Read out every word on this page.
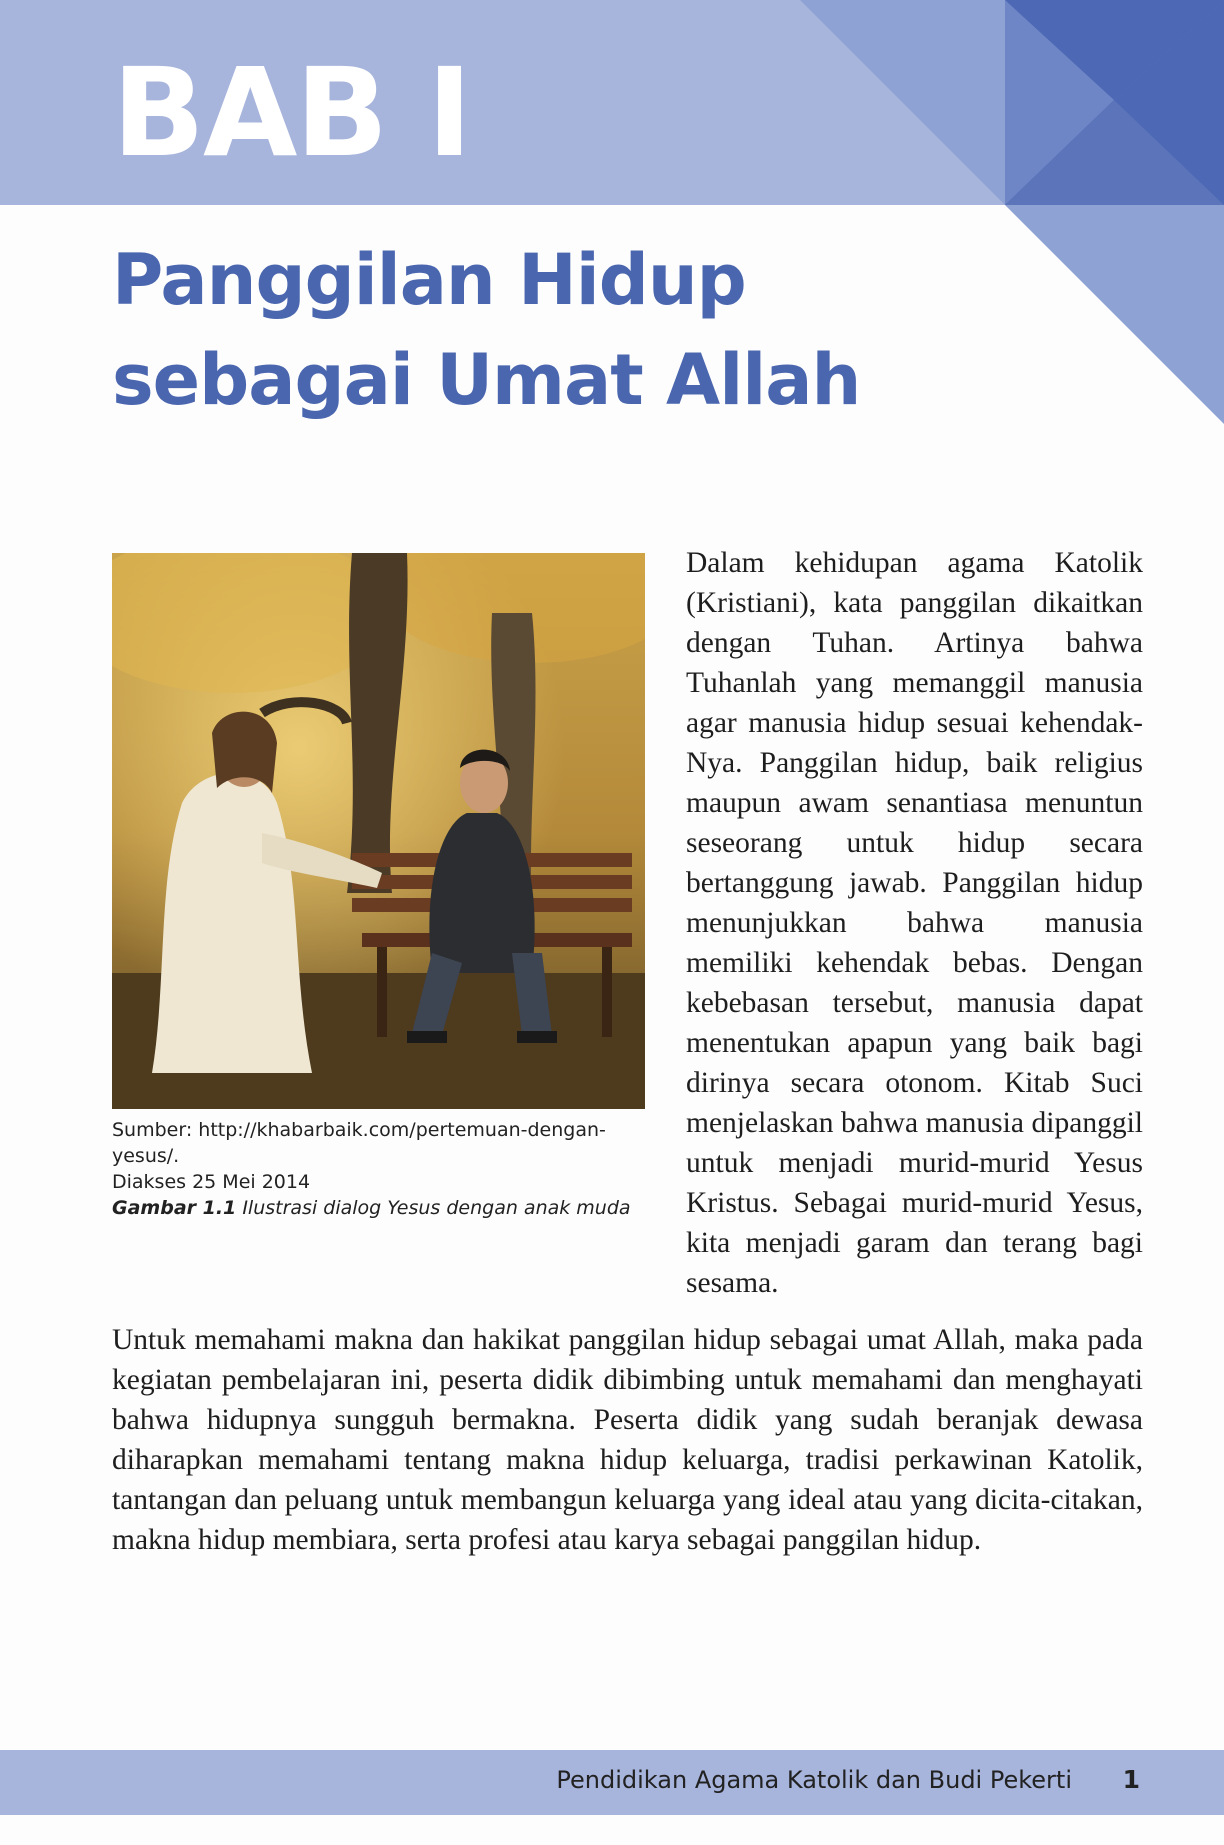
BAB I
Panggilan Hidup
sebagai Umat Allah
Sumber: http://khabarbaik.com/pertemuan-dengan-
yesus/.
Diakses 25 Mei 2014
Gambar 1.1 Ilustrasi dialog Yesus dengan anak muda

Dalam kehidupan agama Katolik (Kristiani), kata panggilan dikaitkan dengan Tuhan. Artinya bahwa Tuhanlah yang memanggil manusia agar manusia hidup sesuai kehendak-Nya. Panggilan hidup, baik religius maupun awam senantiasa menuntun seseorang untuk hidup secara bertanggung jawab. Panggilan hidup menunjukkan bahwa manusia memiliki kehendak bebas. Dengan kebebasan tersebut, manusia dapat menentukan apapun yang baik bagi dirinya secara otonom. Kitab Suci menjelaskan bahwa manusia dipanggil untuk menjadi murid-murid Yesus Kristus. Sebagai murid-murid Yesus, kita menjadi garam dan terang bagi sesama.

Untuk memahami makna dan hakikat panggilan hidup sebagai umat Allah, maka pada kegiatan pembelajaran ini, peserta didik dibimbing untuk memahami dan menghayati bahwa hidupnya sungguh bermakna. Peserta didik yang sudah beranjak dewasa diharapkan memahami tentang makna hidup keluarga, tradisi perkawinan Katolik, tantangan dan peluang untuk membangun keluarga yang ideal atau yang dicita-citakan, makna hidup membiara, serta profesi atau karya sebagai panggilan hidup.

Pendidikan Agama Katolik dan Budi Pekerti 1
